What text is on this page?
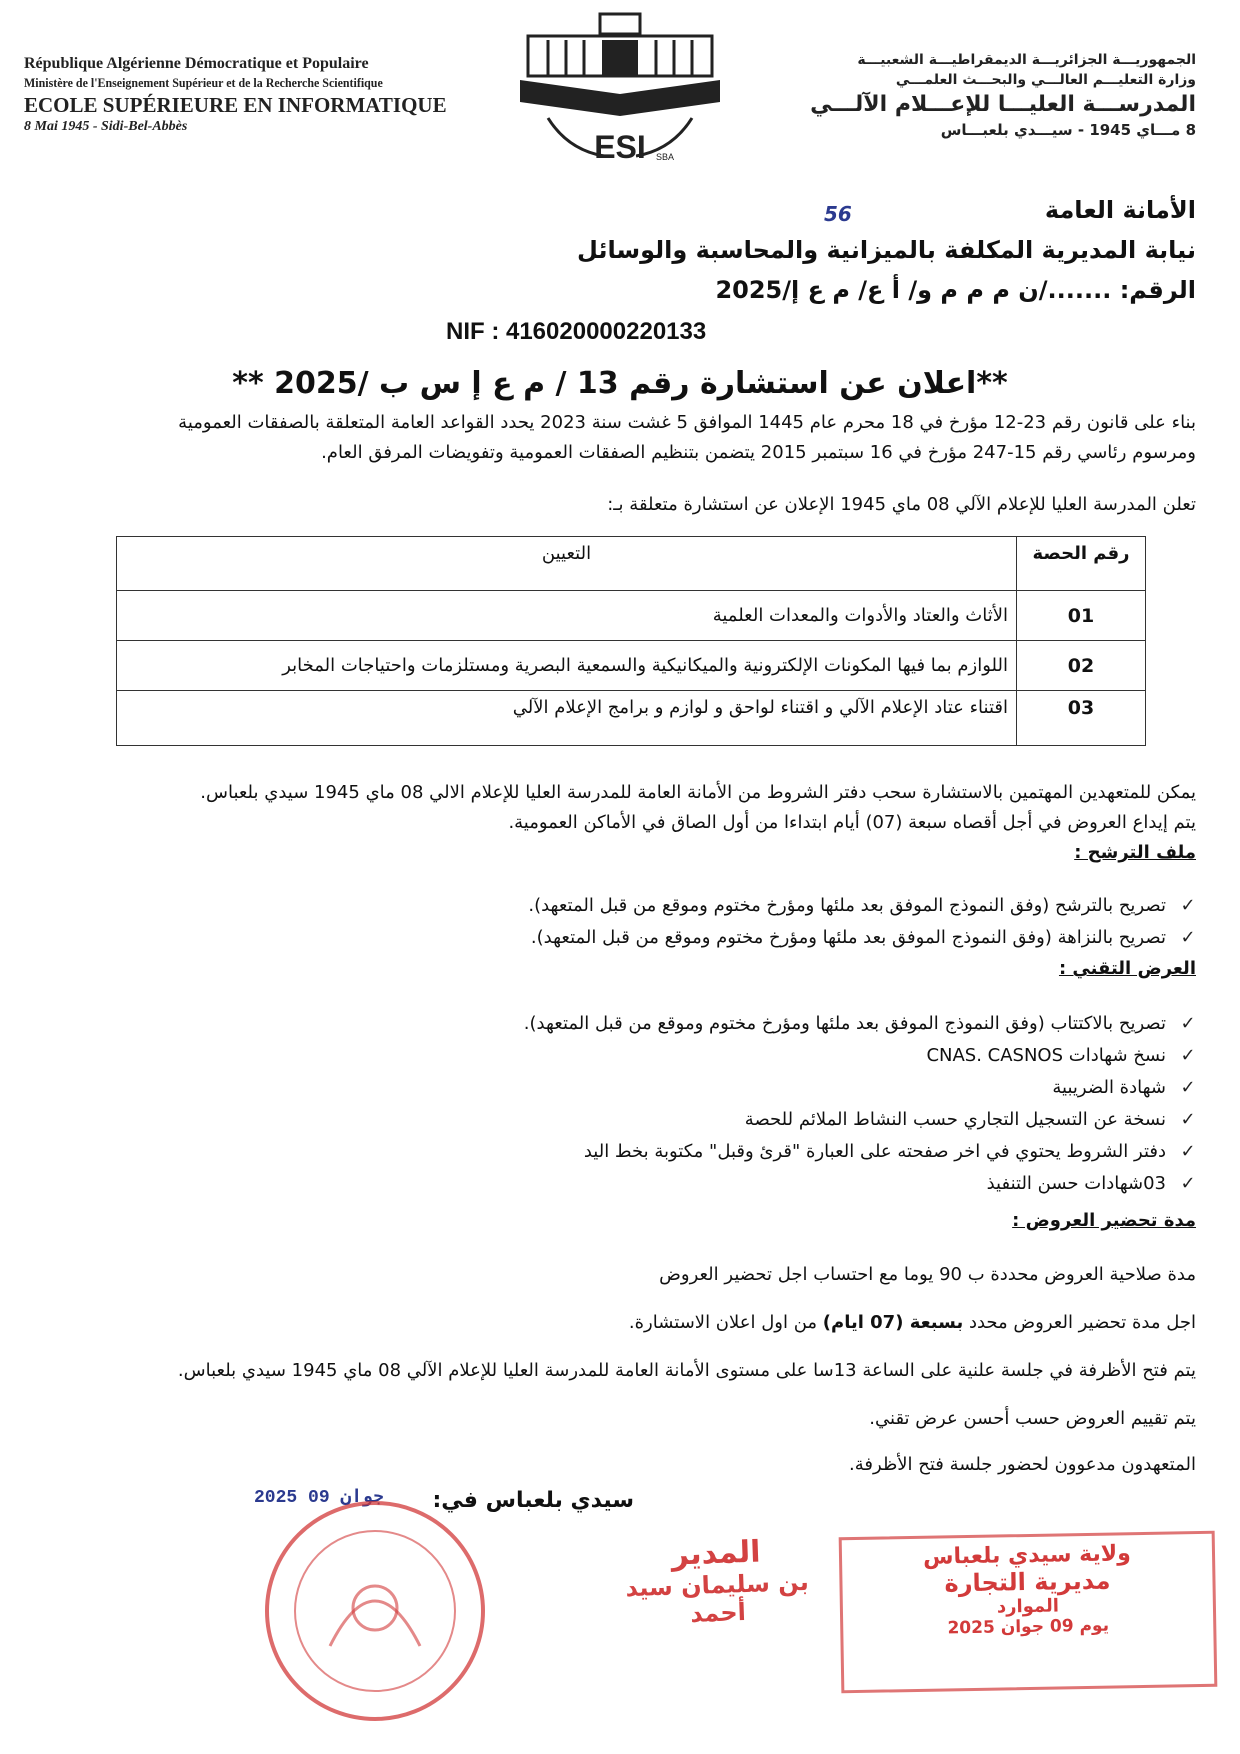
République Algérienne Démocratique et Populaire
Ministère de l'Enseignement Supérieur et de la Recherche Scientifique
ECOLE SUPÉRIEURE EN INFORMATIQUE
8 Mai 1945 - Sidi-Bel-Abbès
ESI SBA
الجمهوريـــة الجزائريـــة الديمقراطيـــة الشعبيـــة
وزارة التعليـــم العالـــي والبحـــث العلمـــي
المدرســـة العليـــا للإعـــلام الآلـــي
8 مـــاي 1945 - سيـــدي بلعبـــاس
الأمانة العامة
نيابة المديرية المكلفة بالميزانية والمحاسبة والوسائل
الرقم: ......./ن م م م و/ أ ع/ م ع إ/2025
56
NIF : 416020000220133
**اعلان عن استشارة رقم 13 / م ع إ س ب /2025 **
بناء على قانون رقم 23-12 مؤرخ في 18 محرم عام 1445 الموافق 5 غشت سنة 2023 يحدد القواعد العامة المتعلقة بالصفقات العمومية
ومرسوم رئاسي رقم 15-247 مؤرخ في 16 سبتمبر 2015 يتضمن بتنظيم الصفقات العمومية وتفويضات المرفق العام.
تعلن المدرسة العليا للإعلام الآلي 08 ماي 1945 الإعلان عن استشارة متعلقة بـ:
رقم الحصة	التعيين
01	الأثاث والعتاد والأدوات والمعدات العلمية
02	اللوازم بما فيها المكونات الإلكترونية والميكانيكية والسمعية البصرية ومستلزمات واحتياجات المخابر
03	اقتناء عتاد الإعلام الآلي و اقتناء لواحق و لوازم و برامج الإعلام الآلي
يمكن للمتعهدين المهتمين بالاستشارة سحب دفتر الشروط من الأمانة العامة للمدرسة العليا للإعلام الالي 08 ماي 1945 سيدي بلعباس.
يتم إيداع العروض في أجل أقصاه سبعة (07) أيام ابتداءا من أول الصاق في الأماكن العمومية.
ملف الترشح :
✓تصريح بالترشح (وفق النموذج الموفق بعد ملئها ومؤرخ مختوم وموقع من قبل المتعهد).
✓تصريح بالنزاهة (وفق النموذج الموفق بعد ملئها ومؤرخ مختوم وموقع من قبل المتعهد).
العرض التقني :
✓تصريح بالاكتتاب (وفق النموذج الموفق بعد ملئها ومؤرخ مختوم وموقع من قبل المتعهد).
✓نسخ شهادات CNAS. CASNOS
✓شهادة الضريبية
✓نسخة عن التسجيل التجاري حسب النشاط الملائم للحصة
✓دفتر الشروط يحتوي في اخر صفحته على العبارة "قرئ وقبل" مكتوبة بخط اليد
✓03شهادات حسن التنفيذ
مدة تحضير العروض :
مدة صلاحية العروض محددة ب 90 يوما مع احتساب اجل تحضير العروض
اجل مدة تحضير العروض محدد بسبعة (07 ايام) من اول اعلان الاستشارة.
يتم فتح الأظرفة في جلسة علنية على الساعة 13سا على مستوى الأمانة العامة للمدرسة العليا للإعلام الآلي 08 ماي 1945 سيدي بلعباس.
يتم تقييم العروض حسب أحسن عرض تقني.
المتعهدون مدعوون لحضور جلسة فتح الأظرفة.
سيدي بلعباس في:
2025 جوان 09
المدير
بن سليمان سيد أحمد
ولاية سيدي بلعباس
مديرية التجارة
الموارد
يوم 09 جوان 2025
